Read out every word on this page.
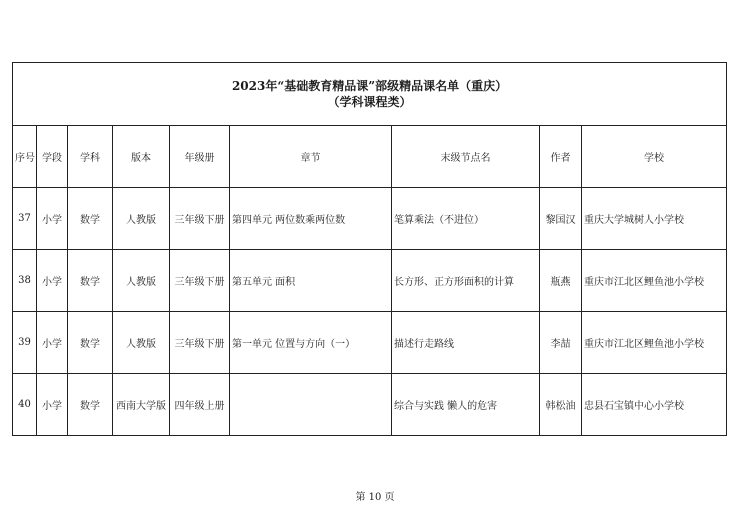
2023年“基础教育精品课”部级精品课名单（重庆）
（学科课程类）								

序号	学段	学科	版本	年级册	章节	末级节点名	作者	学校
37	小学	数学	人教版	三年级下册	第四单元 两位数乘两位数	笔算乘法（不进位）	黎国汉	重庆大学城树人小学校
38	小学	数学	人教版	三年级下册	第五单元 面积	长方形、正方形面积的计算	瓶燕	重庆市江北区鲤鱼池小学校
39	小学	数学	人教版	三年级下册	第一单元 位置与方向（一）	描述行走路线	李喆	重庆市江北区鲤鱼池小学校
40	小学	数学	西南大学版	四年级上册		综合与实践 懒人的危害	韩松油	忠县石宝镇中心小学校
第 10 页
